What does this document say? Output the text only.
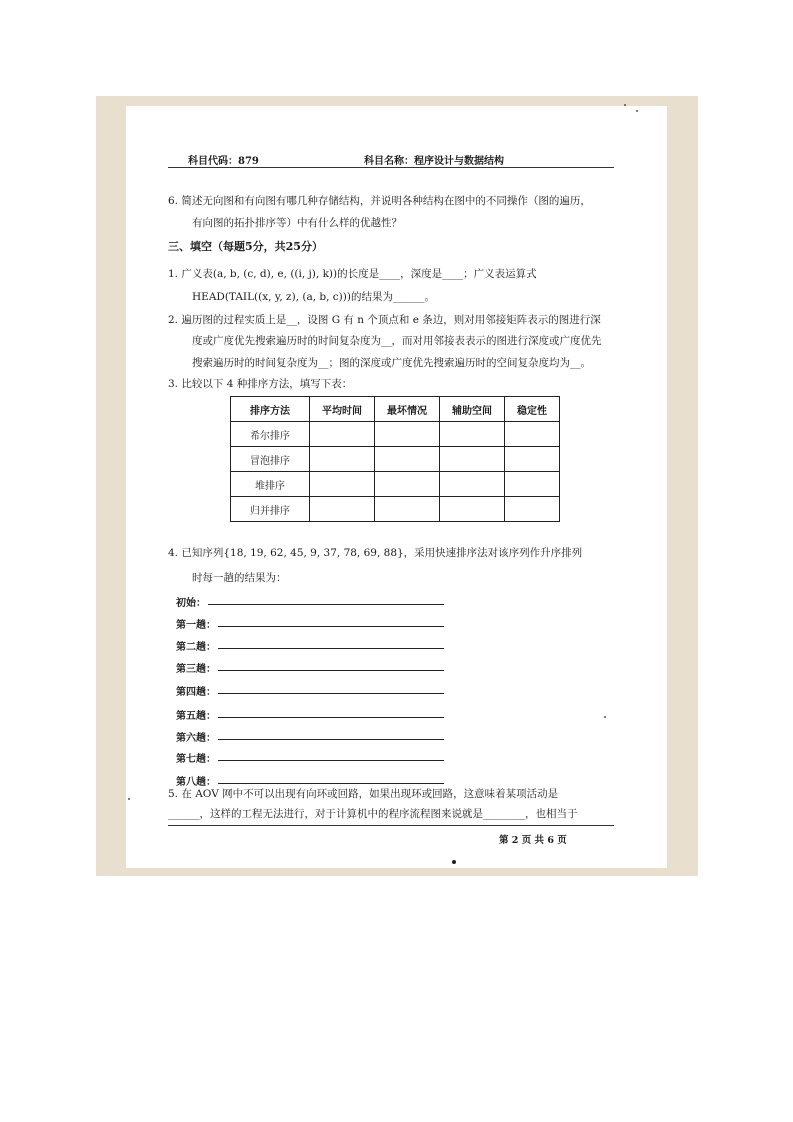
科目代码：879	科目名称：程序设计与数据结构
6. 简述无向图和有向图有哪几种存储结构，并说明各种结构在图中的不同操作（图的遍历，
有向图的拓扑排序等）中有什么样的优越性？
三、填空（每题5分，共25分）
1. 广义表(a, b, (c, d), e, ((i, j), k))的长度是____，深度是____；广义表运算式
HEAD(TAIL((x, y, z), (a, b, c)))的结果为______。
2. 遍历图的过程实质上是__，设图 G 有 n 个顶点和 e 条边，则对用邻接矩阵表示的图进行深
度或广度优先搜索遍历时的时间复杂度为__，而对用邻接表表示的图进行深度或广度优先
搜索遍历时的时间复杂度为__；图的深度或广度优先搜索遍历时的空间复杂度均为__。
3. 比较以下 4 种排序方法，填写下表：
排序方法	平均时间	最坏情况	辅助空间	稳定性
希尔排序				
冒泡排序				
堆排序				
归并排序				
4. 已知序列{18, 19, 62, 45, 9, 37, 78, 69, 88}，采用快速排序法对该序列作升序排列
时每一趟的结果为：
初始：
第一趟：
第二趟：
第三趟：
第四趟：
第五趟：
第六趟：
第七趟：
第八趟：
5. 在 AOV 网中不可以出现有向环或回路，如果出现环或回路，这意味着某项活动是
______，这样的工程无法进行，对于计算机中的程序流程图来说就是________，也相当于
第 2 页 共 6 页
